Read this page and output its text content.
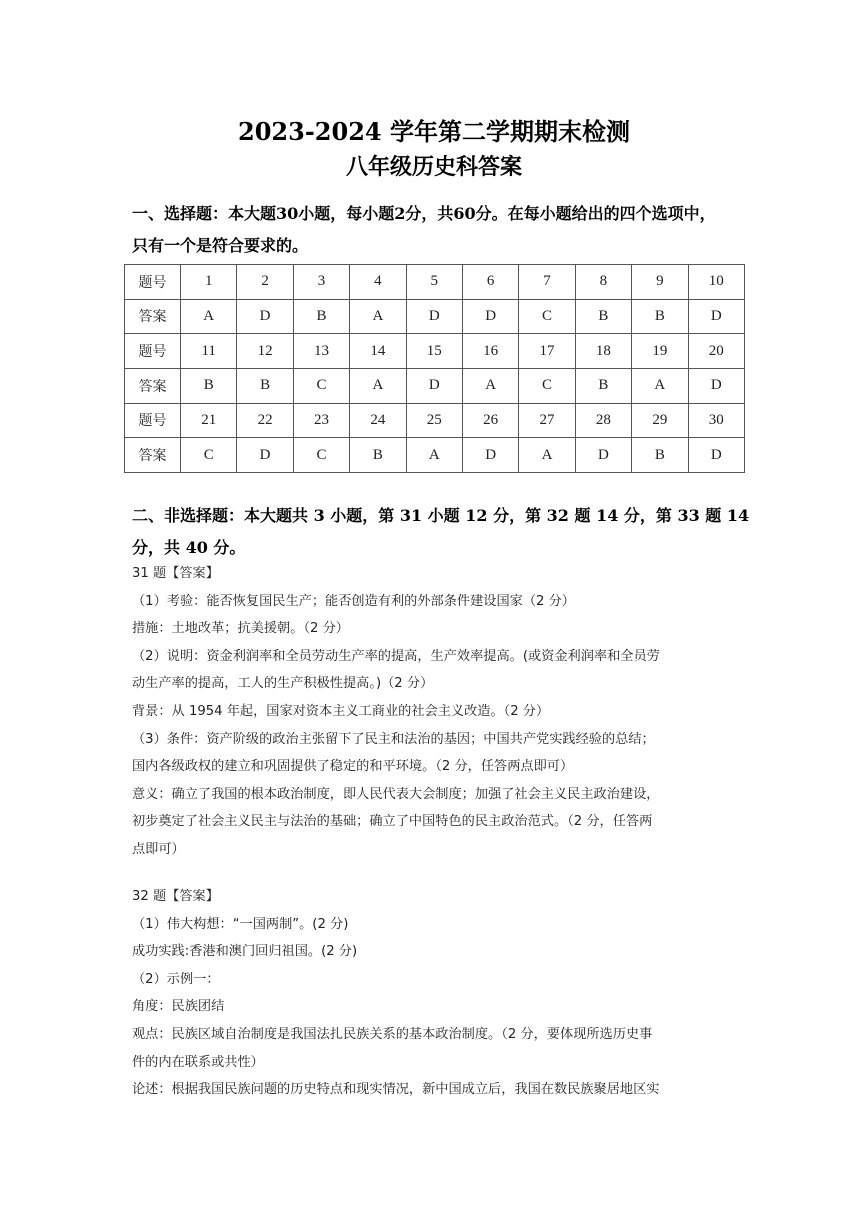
2023-2024 学年第二学期期末检测
八年级历史科答案
一、选择题：本大题30小题，每小题2分，共60分。在每小题给出的四个选项中，
只有一个是符合要求的。
题号	1	2	3	4	5	6	7	8	9	10
答案	A	D	B	A	D	D	C	B	B	D
题号	11	12	13	14	15	16	17	18	19	20
答案	B	B	C	A	D	A	C	B	A	D
题号	21	22	23	24	25	26	27	28	29	30
答案	C	D	C	B	A	D	A	D	B	D
二、非选择题：本大题共 3 小题，第 31 小题 12 分，第 32 题 14 分，第 33 题 14
分，共 40 分。

31 题【答案】

（1）考验：能否恢复国民生产；能否创造有利的外部条件建设国家（2 分）

措施：土地改革；抗美援朝。（2 分）

（2）说明：资金利润率和全员劳动生产率的提高，生产效率提高。(或资金利润率和全员劳

动生产率的提高，工人的生产积极性提高。)（2 分）

背景：从 1954 年起，国家对资本主义工商业的社会主义改造。（2 分）

（3）条件：资产阶级的政治主张留下了民主和法治的基因；中国共产党实践经验的总结；

国内各级政权的建立和巩固提供了稳定的和平环境。（2 分，任答两点即可）

意义：确立了我国的根本政治制度，即人民代表大会制度；加强了社会主义民主政治建设，

初步奠定了社会主义民主与法治的基础；确立了中国特色的民主政治范式。（2 分，任答两

点即可）

32 题【答案】

（1）伟大构想：“一国两制”。(2 分)

成功实践:香港和澳门回归祖国。(2 分)

（2）示例一：

角度：民族团结

观点：民族区域自治制度是我国法扎民族关系的基本政治制度。（2 分，要体现所选历史事

件的内在联系或共性）

论述：根据我国民族问题的历史特点和现实情况，新中国成立后，我国在数民族聚居地区实
